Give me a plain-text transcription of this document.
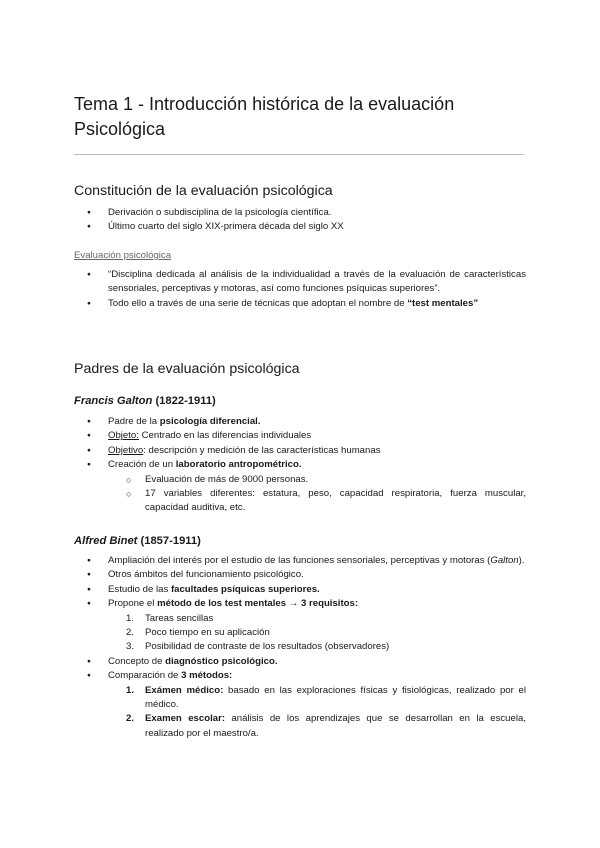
Tema 1 - Introducción histórica de la evaluación Psicológica
Constitución de la evaluación psicológica
● Derivación o subdisciplina de la psicología científica.
● Último cuarto del siglo XIX-primera década del siglo XX
Evaluación psicológica
● “Disciplina dedicada al análisis de la individualidad a través de la evaluación de características sensoriales, perceptivas y motoras, así como funciones psíquicas superiores”.
● Todo ello a través de una serie de técnicas que adoptan el nombre de “test mentales”
Padres de la evaluación psicológica
Francis Galton (1822-1911)
● Padre de la psicología diferencial.
● Objeto: Centrado en las diferencias individuales
● Objetivo: descripción y medición de las características humanas
● Creación de un laboratorio antropométrico.
○ Evaluación de más de 9000 personas.
○ 17 variables diferentes: estatura, peso, capacidad respiratoria, fuerza muscular, capacidad auditiva, etc.
Alfred Binet (1857-1911)
● Ampliación del interés por el estudio de las funciones sensoriales, perceptivas y motoras (Galton).
● Otros ámbitos del funcionamiento psicológico.
● Estudio de las facultades psíquicas superiores.
● Propone el método de los test mentales → 3 requisitos:
1. Tareas sencillas
2. Poco tiempo en su aplicación
3. Posibilidad de contraste de los resultados (observadores)
● Concepto de diagnóstico psicológico.
● Comparación de 3 métodos:
1. Exámen médico: basado en las exploraciones físicas y fisiológicas, realizado por el médico.
2. Examen escolar: análisis de los aprendizajes que se desarrollan en la escuela, realizado por el maestro/a.
